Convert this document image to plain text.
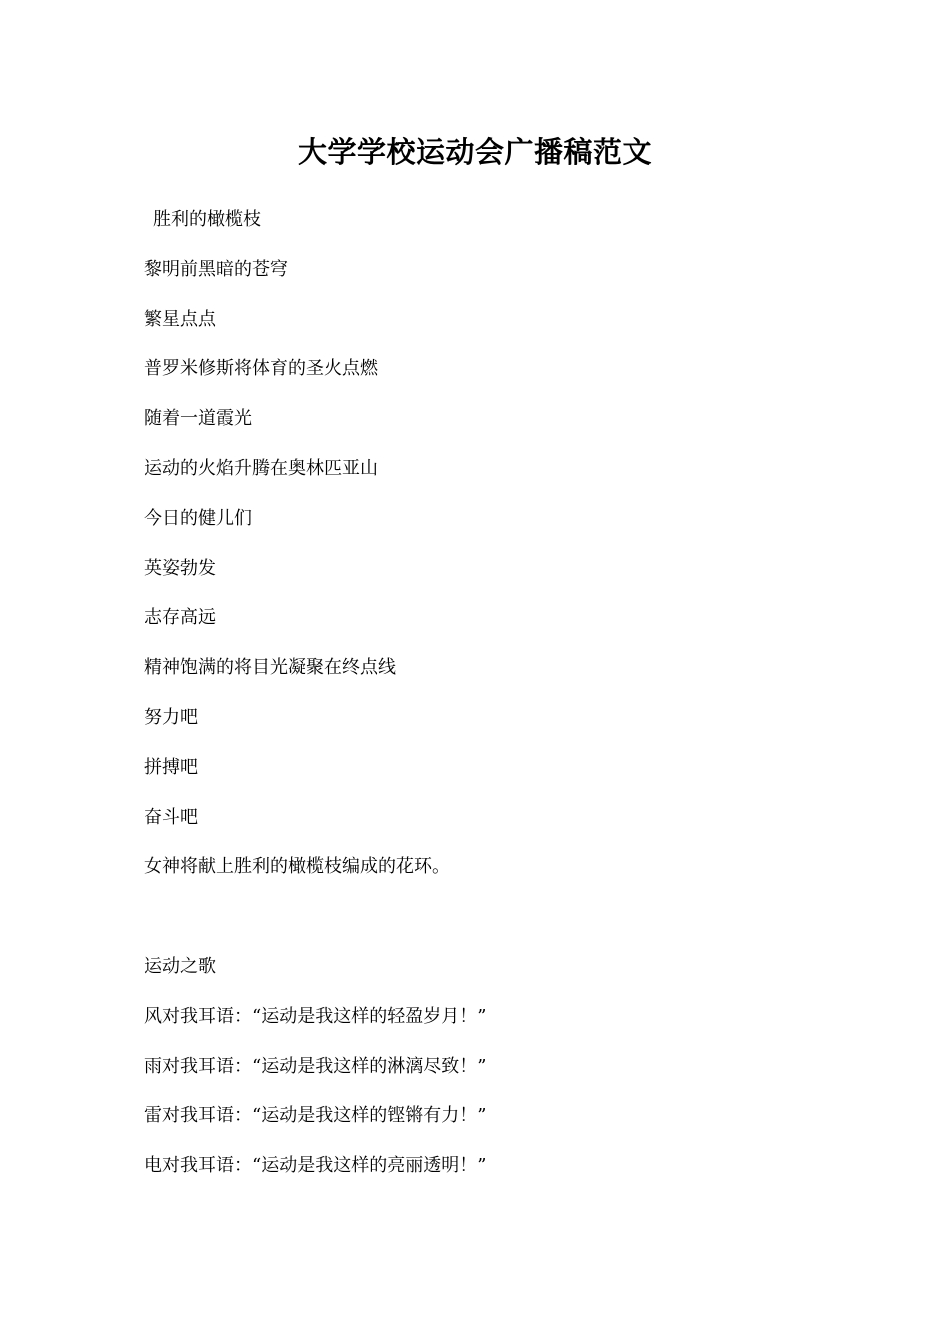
大学学校运动会广播稿范文
胜利的橄榄枝
黎明前黑暗的苍穹
繁星点点
普罗米修斯将体育的圣火点燃
随着一道霞光
运动的火焰升腾在奥林匹亚山
今日的健儿们
英姿勃发
志存高远
精神饱满的将目光凝聚在终点线
努力吧
拼搏吧
奋斗吧
女神将献上胜利的橄榄枝编成的花环。
运动之歌
风对我耳语：“运动是我这样的轻盈岁月！”
雨对我耳语：“运动是我这样的淋漓尽致！”
雷对我耳语：“运动是我这样的铿锵有力！”
电对我耳语：“运动是我这样的亮丽透明！”
